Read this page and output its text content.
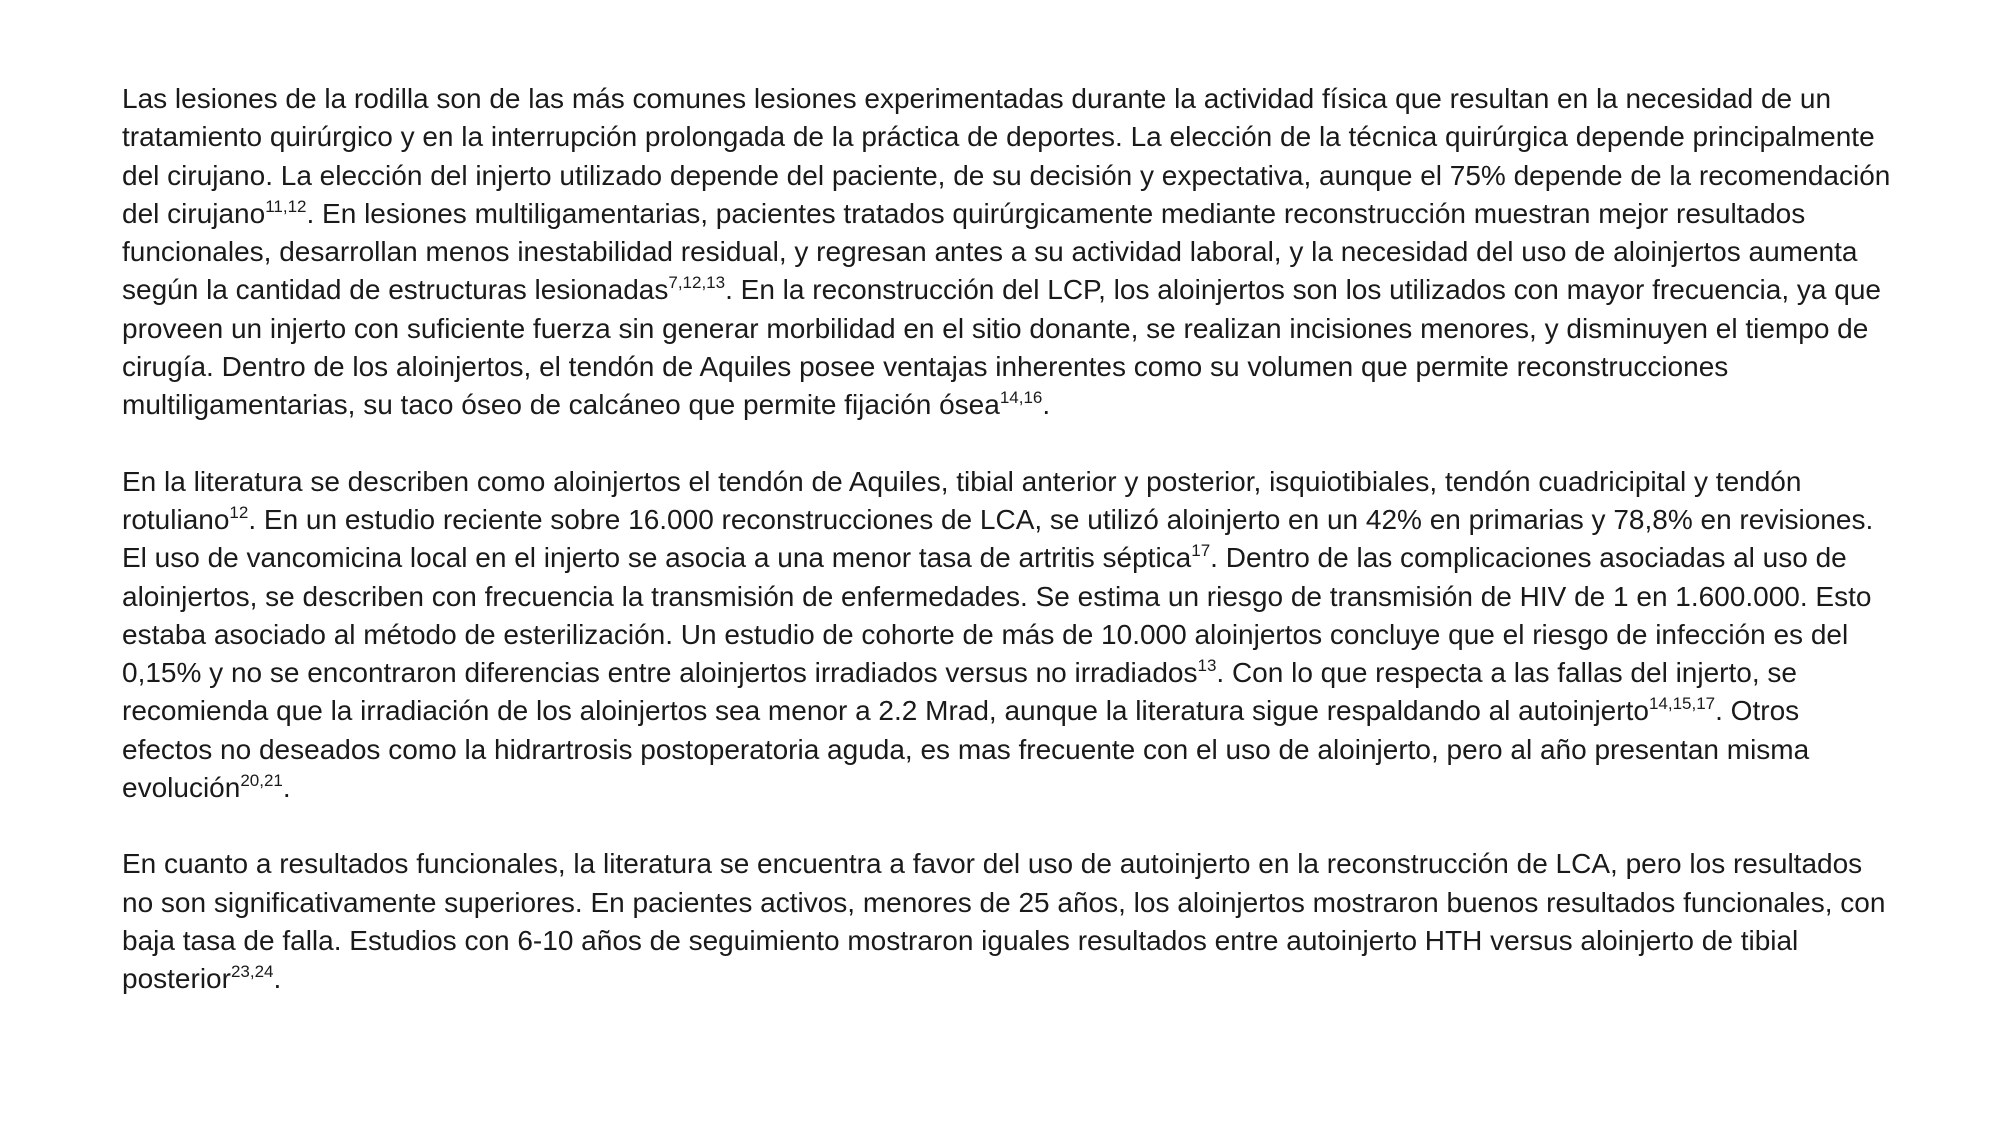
Las lesiones de la rodilla son de las más comunes lesiones experimentadas durante la actividad física que resultan en la necesidad de un tratamiento quirúrgico y en la interrupción prolongada de la práctica de deportes. La elección de la técnica quirúrgica depende principalmente del cirujano. La elección del injerto utilizado depende del paciente, de su decisión y expectativa, aunque el 75% depende de la recomendación del cirujano$^{11,12}$. En lesiones multiligamentarias, pacientes tratados quirúrgicamente mediante reconstrucción muestran mejor resultados funcionales, desarrollan menos inestabilidad residual, y regresan antes a su actividad laboral, y la necesidad del uso de aloinjertos aumenta según la cantidad de estructuras lesionadas$^{7,12,13}$. En la reconstrucción del LCP, los aloinjertos son los utilizados con mayor frecuencia, ya que proveen un injerto con suficiente fuerza sin generar morbilidad en el sitio donante, se realizan incisiones menores, y disminuyen el tiempo de cirugía. Dentro de los aloinjertos, el tendón de Aquiles posee ventajas inherentes como su volumen que permite reconstrucciones multiligamentarias, su taco óseo de calcáneo que permite fijación ósea$^{14,16}$.

En la literatura se describen como aloinjertos el tendón de Aquiles, tibial anterior y posterior, isquiotibiales, tendón cuadricipital y tendón rotuliano$^{12}$. En un estudio reciente sobre 16.000 reconstrucciones de LCA, se utilizó aloinjerto en un 42% en primarias y 78,8% en revisiones. El uso de vancomicina local en el injerto se asocia a una menor tasa de artritis séptica$^{17}$. Dentro de las complicaciones asociadas al uso de aloinjertos, se describen con frecuencia la transmisión de enfermedades. Se estima un riesgo de transmisión de HIV de 1 en 1.600.000. Esto estaba asociado al método de esterilización. Un estudio de cohorte de más de 10.000 aloinjertos concluye que el riesgo de infección es del 0,15% y no se encontraron diferencias entre aloinjertos irradiados versus no irradiados$^{13}$. Con lo que respecta a las fallas del injerto, se recomienda que la irradiación de los aloinjertos sea menor a 2.2 Mrad, aunque la literatura sigue respaldando al autoinjerto$^{14,15,17}$. Otros efectos no deseados como la hidrartrosis postoperatoria aguda, es mas frecuente con el uso de aloinjerto, pero al año presentan misma evolución$^{20,21}$.

En cuanto a resultados funcionales, la literatura se encuentra a favor del uso de autoinjerto en la reconstrucción de LCA, pero los resultados no son significativamente superiores. En pacientes activos, menores de 25 años, los aloinjertos mostraron buenos resultados funcionales, con baja tasa de falla. Estudios con 6-10 años de seguimiento mostraron iguales resultados entre autoinjerto HTH versus aloinjerto de tibial posterior$^{23,24}$.
